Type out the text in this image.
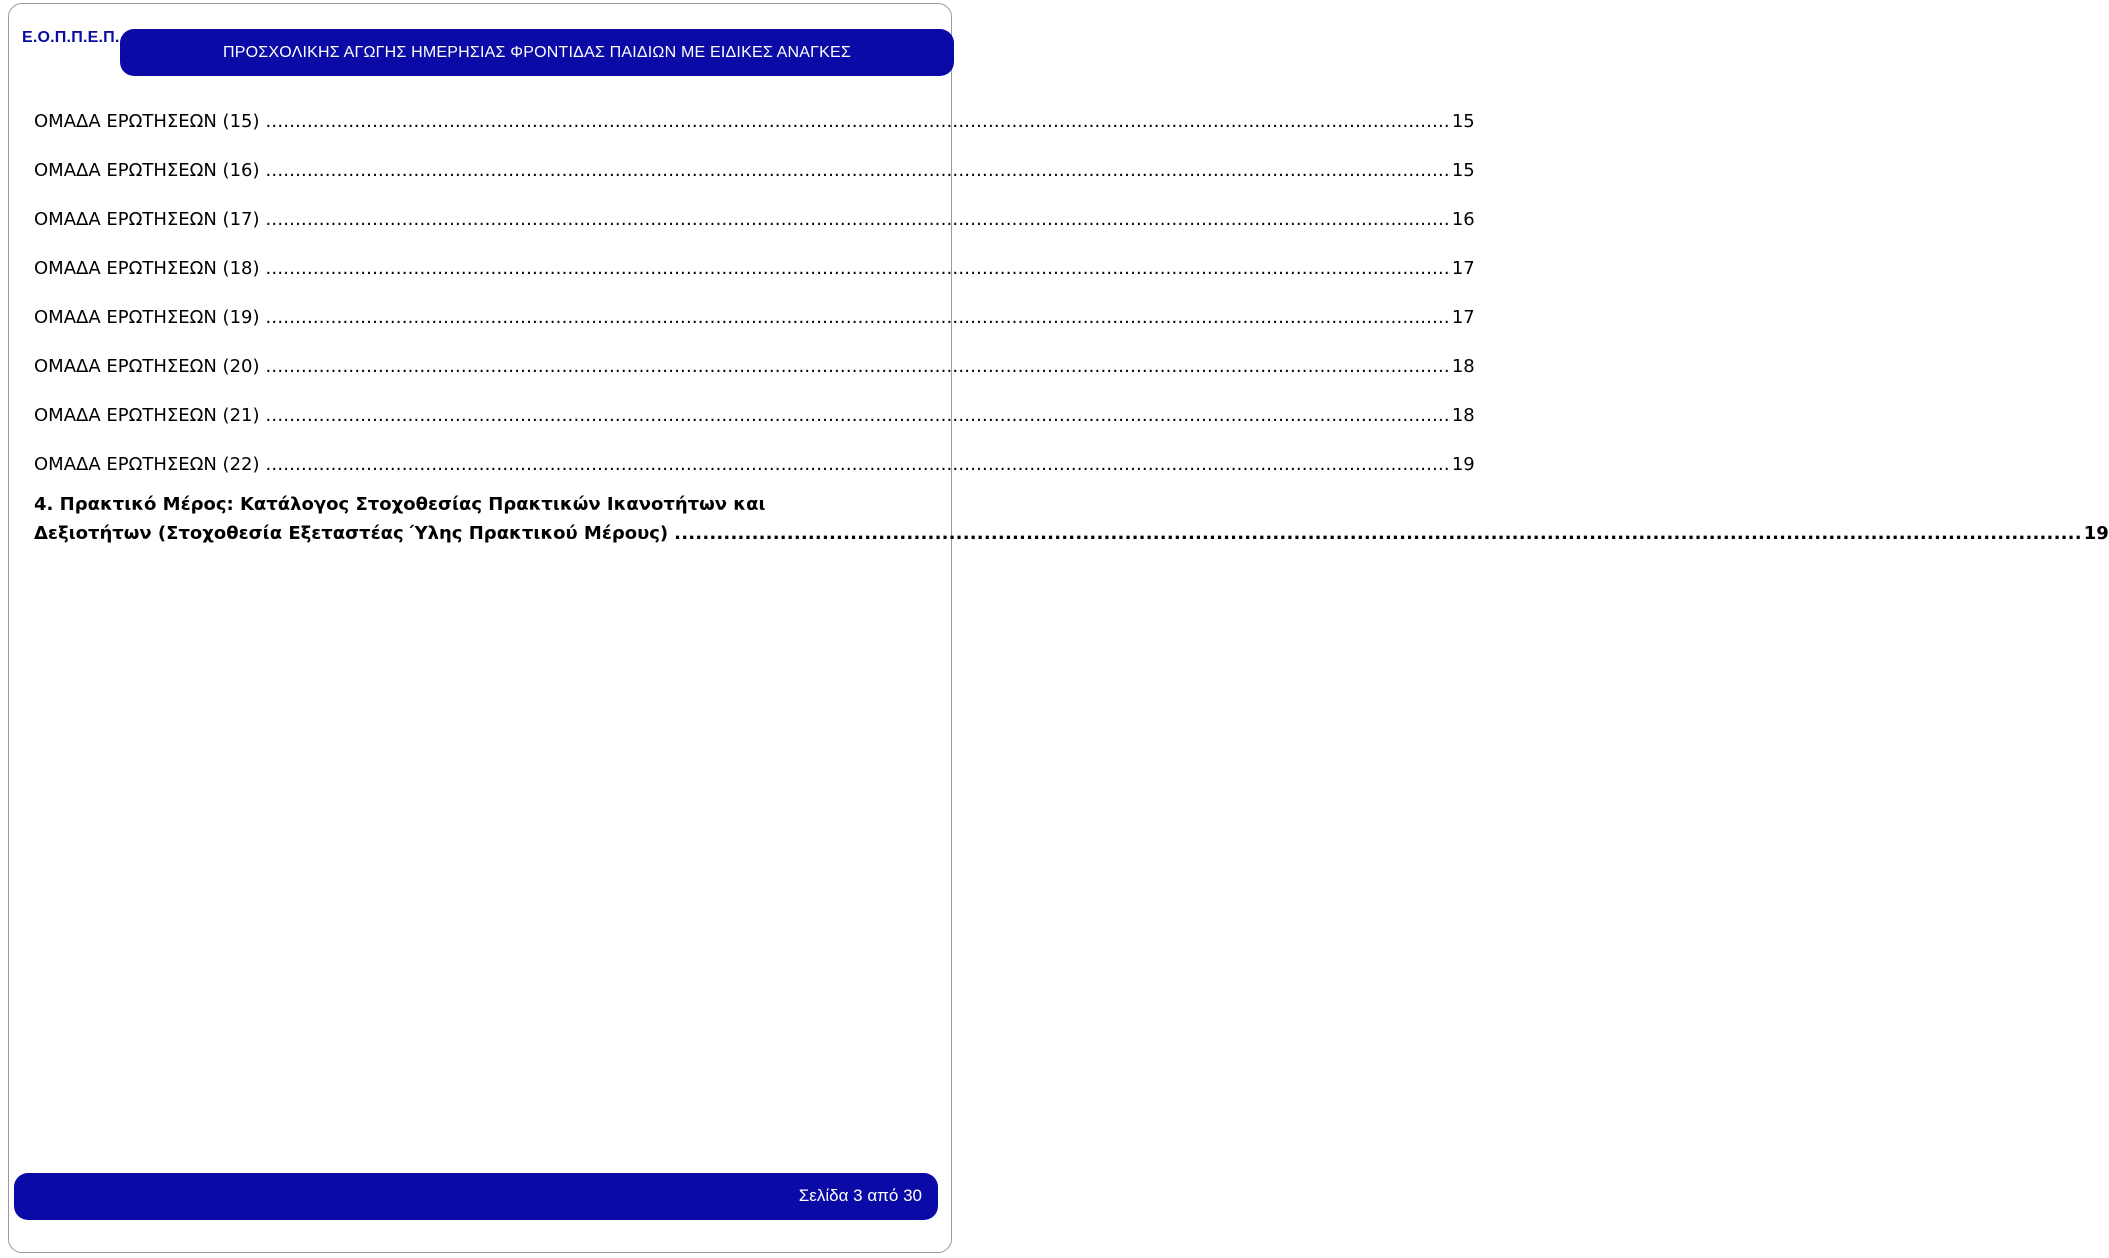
Ε.Ο.Π.Π.Ε.Π.
ΠΡΟΣΧΟΛΙΚΗΣ ΑΓΩΓΗΣ ΗΜΕΡΗΣΙΑΣ ΦΡΟΝΤΙΔΑΣ ΠΑΙΔΙΩΝ ΜΕ ΕΙΔΙΚΕΣ ΑΝΑΓΚΕΣ
ΟΜΑΔΑ ΕΡΩΤΗΣΕΩΝ (15) ........................................................................................................................................................................................................ 15
ΟΜΑΔΑ ΕΡΩΤΗΣΕΩΝ (16) ........................................................................................................................................................................................................ 15
ΟΜΑΔΑ ΕΡΩΤΗΣΕΩΝ (17) ........................................................................................................................................................................................................ 16
ΟΜΑΔΑ ΕΡΩΤΗΣΕΩΝ (18) ........................................................................................................................................................................................................ 17
ΟΜΑΔΑ ΕΡΩΤΗΣΕΩΝ (19) ........................................................................................................................................................................................................ 17
ΟΜΑΔΑ ΕΡΩΤΗΣΕΩΝ (20) ........................................................................................................................................................................................................ 18
ΟΜΑΔΑ ΕΡΩΤΗΣΕΩΝ (21) ........................................................................................................................................................................................................ 18
ΟΜΑΔΑ ΕΡΩΤΗΣΕΩΝ (22) ........................................................................................................................................................................................................ 19
4. Πρακτικό Μέρος: Κατάλογος Στοχοθεσίας Πρακτικών Ικανοτήτων και
Δεξιοτήτων (Στοχοθεσία Εξεταστέας Ύλης Πρακτικού Μέρους) ........................................................................................................................................................................................................ 19
Σελίδα 3 από 30
